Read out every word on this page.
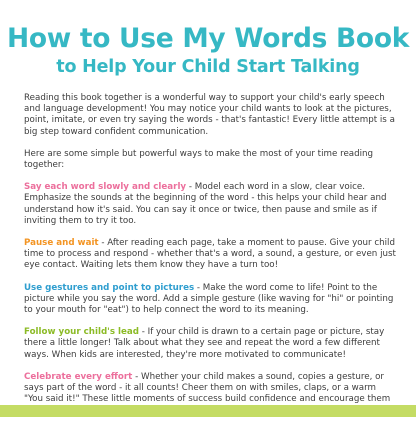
How to Use My Words Book
to Help Your Child Start Talking

Reading this book together is a wonderful way to support your child's early speech and language development! You may notice your child wants to look at the pictures, point, imitate, or even try saying the words - that's fantastic! Every little attempt is a big step toward confident communication.

Here are some simple but powerful ways to make the most of your time reading together:

Say each word slowly and clearly - Model each word in a slow, clear voice. Emphasize the sounds at the beginning of the word - this helps your child hear and understand how it's said. You can say it once or twice, then pause and smile as if inviting them to try it too.

Pause and wait - After reading each page, take a moment to pause. Give your child time to process and respond - whether that's a word, a sound, a gesture, or even just eye contact. Waiting lets them know they have a turn too!

Use gestures and point to pictures - Make the word come to life! Point to the picture while you say the word. Add a simple gesture (like waving for "hi" or pointing to your mouth for "eat") to help connect the word to its meaning.

Follow your child's lead - If your child is drawn to a certain page or picture, stay there a little longer! Talk about what they see and repeat the word a few different ways. When kids are interested, they're more motivated to communicate!

Celebrate every effort - Whether your child makes a sound, copies a gesture, or says part of the word - it all counts! Cheer them on with smiles, claps, or a warm "You said it!" These little moments of success build confidence and encourage them
